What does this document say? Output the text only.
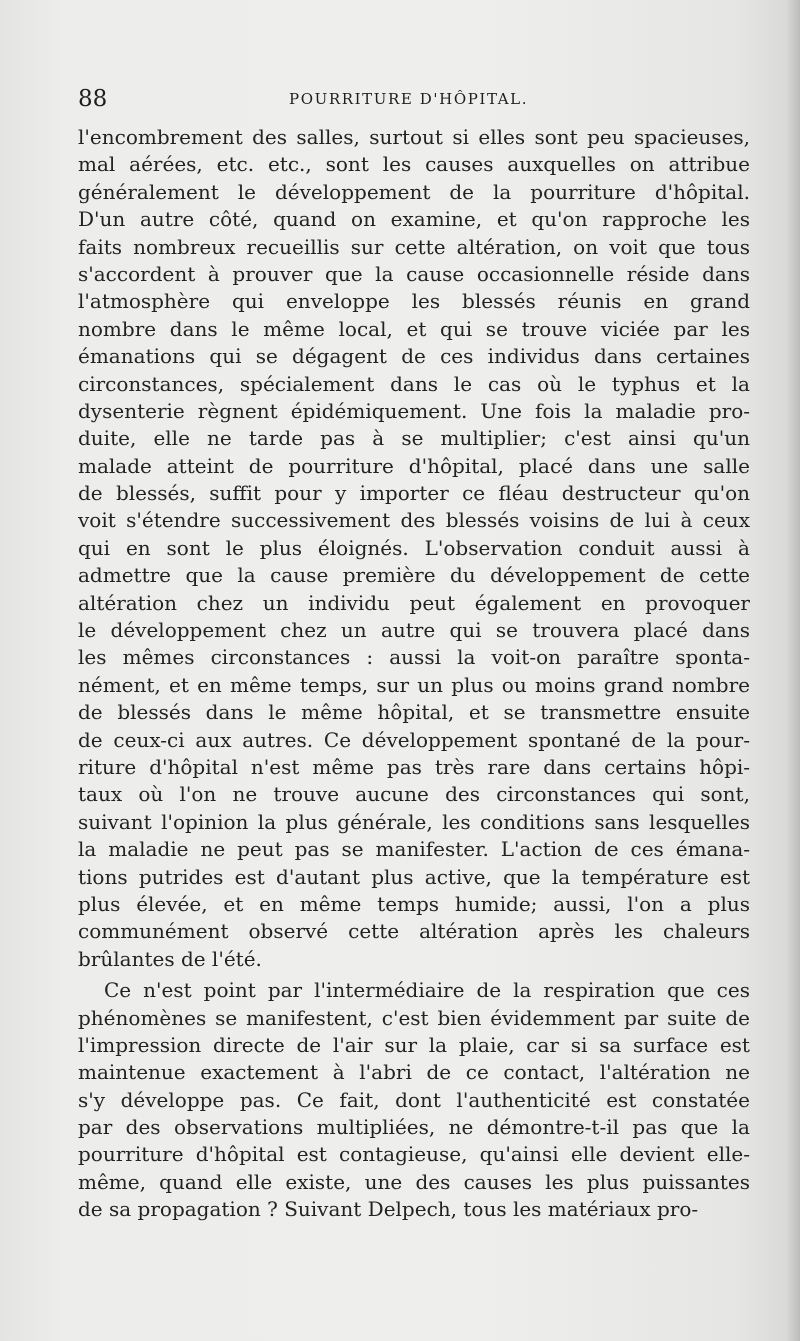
88	POURRITURE D'HÔPITAL.
l'encombrement des salles, surtout si elles sont peu spacieuses,
mal aérées, etc. etc., sont les causes auxquelles on attribue
généralement le développement de la pourriture d'hôpital.
D'un autre côté, quand on examine, et qu'on rapproche les
faits nombreux recueillis sur cette altération, on voit que tous
s'accordent à prouver que la cause occasionnelle réside dans
l'atmosphère qui enveloppe les blessés réunis en grand
nombre dans le même local, et qui se trouve viciée par les
émanations qui se dégagent de ces individus dans certaines
circonstances, spécialement dans le cas où le typhus et la
dysenterie règnent épidémiquement. Une fois la maladie pro-
duite, elle ne tarde pas à se multiplier; c'est ainsi qu'un
malade atteint de pourriture d'hôpital, placé dans une salle
de blessés, suffit pour y importer ce fléau destructeur qu'on
voit s'étendre successivement des blessés voisins de lui à ceux
qui en sont le plus éloignés. L'observation conduit aussi à
admettre que la cause première du développement de cette
altération chez un individu peut également en provoquer
le développement chez un autre qui se trouvera placé dans
les mêmes circonstances : aussi la voit-on paraître sponta-
nément, et en même temps, sur un plus ou moins grand nombre
de blessés dans le même hôpital, et se transmettre ensuite
de ceux-ci aux autres. Ce développement spontané de la pour-
riture d'hôpital n'est même pas très rare dans certains hôpi-
taux où l'on ne trouve aucune des circonstances qui sont,
suivant l'opinion la plus générale, les conditions sans lesquelles
la maladie ne peut pas se manifester. L'action de ces émana-
tions putrides est d'autant plus active, que la température est
plus élevée, et en même temps humide; aussi, l'on a plus
communément observé cette altération après les chaleurs
brûlantes de l'été.
Ce n'est point par l'intermédiaire de la respiration que ces
phénomènes se manifestent, c'est bien évidemment par suite de
l'impression directe de l'air sur la plaie, car si sa surface est
maintenue exactement à l'abri de ce contact, l'altération ne
s'y développe pas. Ce fait, dont l'authenticité est constatée
par des observations multipliées, ne démontre-t-il pas que la
pourriture d'hôpital est contagieuse, qu'ainsi elle devient elle-
même, quand elle existe, une des causes les plus puissantes
de sa propagation ? Suivant Delpech, tous les matériaux pro-
